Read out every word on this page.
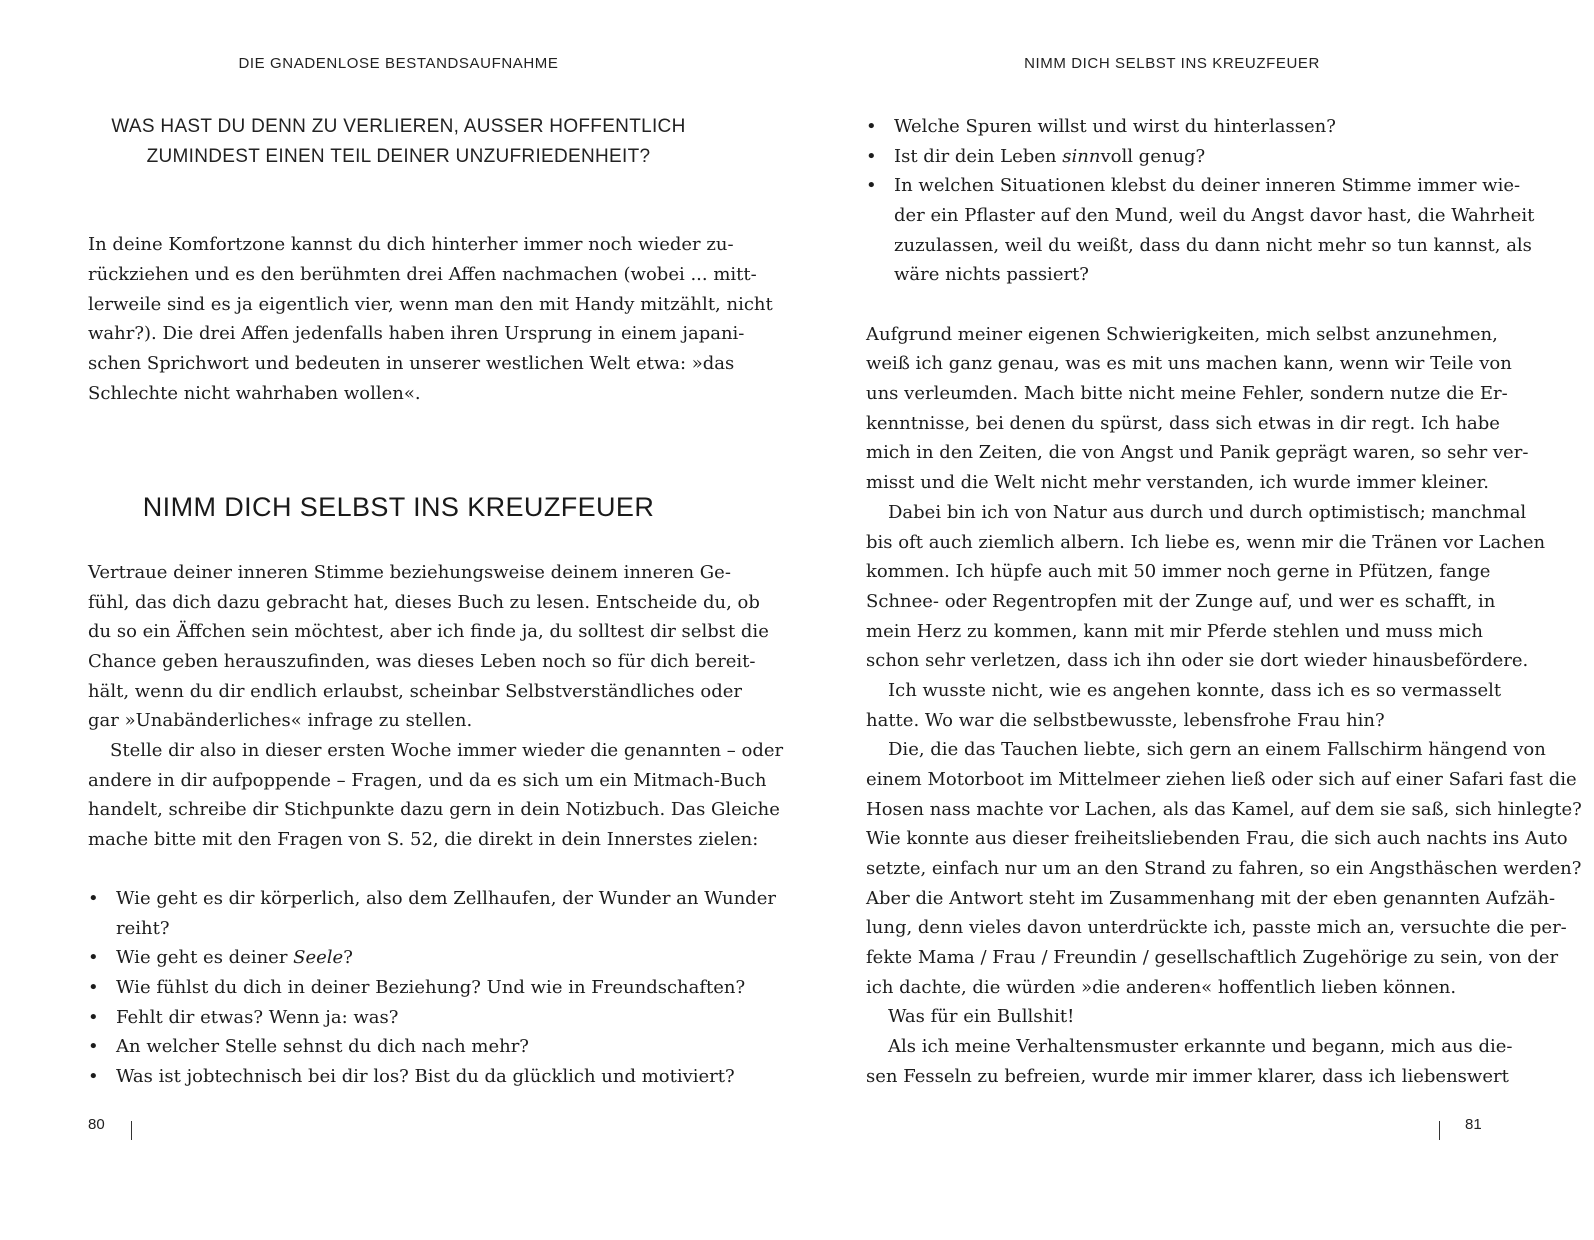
DIE GNADENLOSE BESTANDSAUFNAHME
WAS HAST DU DENN ZU VERLIEREN, AUSSER HOFFENTLICH
ZUMINDEST EINEN TEIL DEINER UNZUFRIEDENHEIT?
In deine Komfortzone kannst du dich hinterher immer noch wieder zu-
rückziehen und es den berühmten drei Affen nachmachen (wobei ... mitt-
lerweile sind es ja eigentlich vier, wenn man den mit Handy mitzählt, nicht
wahr?). Die drei Affen jedenfalls haben ihren Ursprung in einem japani-
schen Sprichwort und bedeuten in unserer westlichen Welt etwa: »das
Schlechte nicht wahrhaben wollen«.
NIMM DICH SELBST INS KREUZFEUER
Vertraue deiner inneren Stimme beziehungsweise deinem inneren Ge-
fühl, das dich dazu gebracht hat, dieses Buch zu lesen. Entscheide du, ob
du so ein Äffchen sein möchtest, aber ich finde ja, du solltest dir selbst die
Chance geben herauszufinden, was dieses Leben noch so für dich bereit-
hält, wenn du dir endlich erlaubst, scheinbar Selbstverständliches oder
gar »Unabänderliches« infrage zu stellen.
Stelle dir also in dieser ersten Woche immer wieder die genannten – oder
andere in dir aufpoppende – Fragen, und da es sich um ein Mitmach-Buch
handelt, schreibe dir Stichpunkte dazu gern in dein Notizbuch. Das Gleiche
mache bitte mit den Fragen von S. 52, die direkt in dein Innerstes zielen:
• Wie geht es dir körperlich, also dem Zellhaufen, der Wunder an Wunder
reiht?
• Wie geht es deiner Seele?
• Wie fühlst du dich in deiner Beziehung? Und wie in Freundschaften?
• Fehlt dir etwas? Wenn ja: was?
• An welcher Stelle sehnst du dich nach mehr?
• Was ist jobtechnisch bei dir los? Bist du da glücklich und motiviert?
80
NIMM DICH SELBST INS KREUZFEUER
• Welche Spuren willst und wirst du hinterlassen?
• Ist dir dein Leben sinnvoll genug?
• In welchen Situationen klebst du deiner inneren Stimme immer wie-
der ein Pflaster auf den Mund, weil du Angst davor hast, die Wahrheit
zuzulassen, weil du weißt, dass du dann nicht mehr so tun kannst, als
wäre nichts passiert?
Aufgrund meiner eigenen Schwierigkeiten, mich selbst anzunehmen,
weiß ich ganz genau, was es mit uns machen kann, wenn wir Teile von
uns verleumden. Mach bitte nicht meine Fehler, sondern nutze die Er-
kenntnisse, bei denen du spürst, dass sich etwas in dir regt. Ich habe
mich in den Zeiten, die von Angst und Panik geprägt waren, so sehr ver-
misst und die Welt nicht mehr verstanden, ich wurde immer kleiner.
Dabei bin ich von Natur aus durch und durch optimistisch; manchmal
bis oft auch ziemlich albern. Ich liebe es, wenn mir die Tränen vor Lachen
kommen. Ich hüpfe auch mit 50 immer noch gerne in Pfützen, fange
Schnee- oder Regentropfen mit der Zunge auf, und wer es schafft, in
mein Herz zu kommen, kann mit mir Pferde stehlen und muss mich
schon sehr verletzen, dass ich ihn oder sie dort wieder hinausbefördere.
Ich wusste nicht, wie es angehen konnte, dass ich es so vermasselt
hatte. Wo war die selbstbewusste, lebensfrohe Frau hin?
Die, die das Tauchen liebte, sich gern an einem Fallschirm hängend von
einem Motorboot im Mittelmeer ziehen ließ oder sich auf einer Safari fast die
Hosen nass machte vor Lachen, als das Kamel, auf dem sie saß, sich hinlegte?
Wie konnte aus dieser freiheitsliebenden Frau, die sich auch nachts ins Auto
setzte, einfach nur um an den Strand zu fahren, so ein Angsthäschen werden?
Aber die Antwort steht im Zusammenhang mit der eben genannten Aufzäh-
lung, denn vieles davon unterdrückte ich, passte mich an, versuchte die per-
fekte Mama / Frau / Freundin / gesellschaftlich Zugehörige zu sein, von der
ich dachte, die würden »die anderen« hoffentlich lieben können.
Was für ein Bullshit!
Als ich meine Verhaltensmuster erkannte und begann, mich aus die-
sen Fesseln zu befreien, wurde mir immer klarer, dass ich liebenswert
81
